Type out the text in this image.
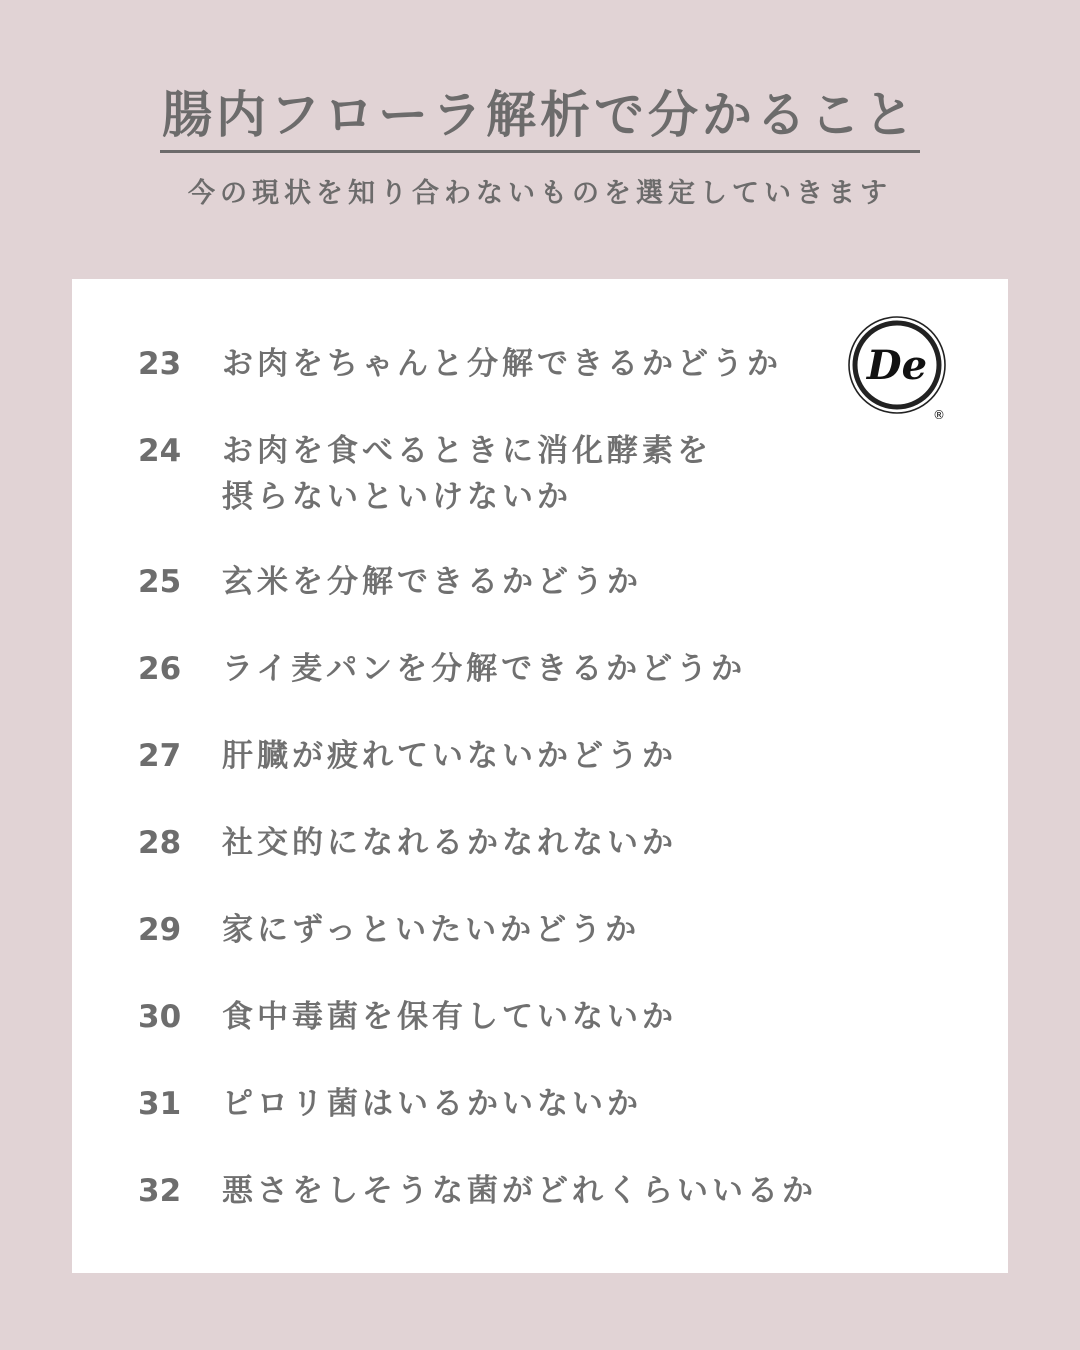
腸内フローラ解析で分かること
今の現状を知り合わないものを選定していきます
De
®
23 お肉をちゃんと分解できるかどうか
24 お肉を食べるときに消化酵素を
摂らないといけないか
25 玄米を分解できるかどうか
26 ライ麦パンを分解できるかどうか
27 肝臓が疲れていないかどうか
28 社交的になれるかなれないか
29 家にずっといたいかどうか
30 食中毒菌を保有していないか
31 ピロリ菌はいるかいないか
32 悪さをしそうな菌がどれくらいいるか
